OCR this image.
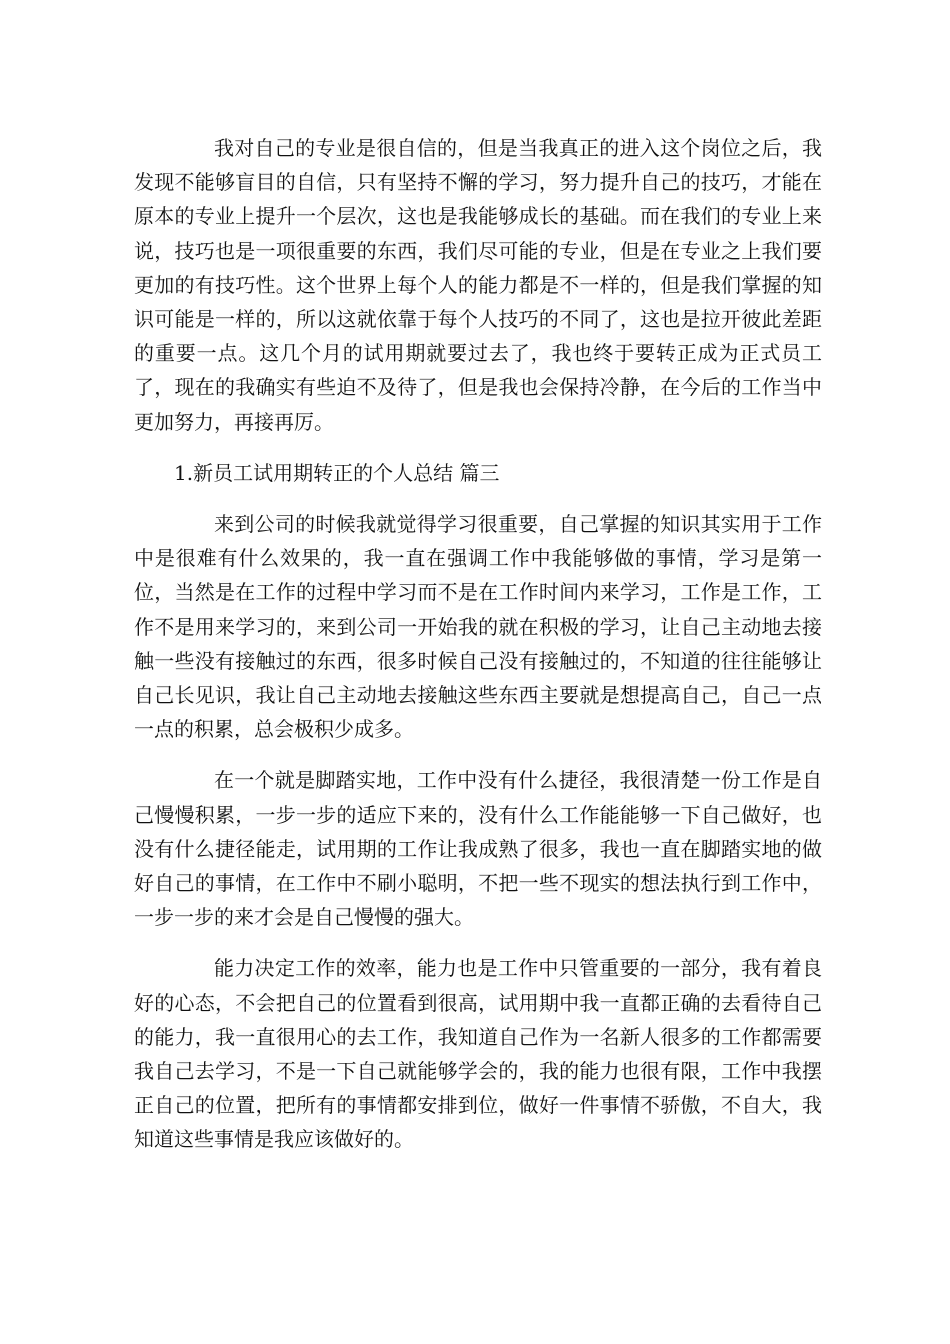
我对自己的专业是很自信的，但是当我真正的进入这个岗位之后，我发现不能够盲目的自信，只有坚持不懈的学习，努力提升自己的技巧，才能在原本的专业上提升一个层次，这也是我能够成长的基础。而在我们的专业上来说，技巧也是一项很重要的东西，我们尽可能的专业，但是在专业之上我们要更加的有技巧性。这个世界上每个人的能力都是不一样的，但是我们掌握的知识可能是一样的，所以这就依靠于每个人技巧的不同了，这也是拉开彼此差距的重要一点。这几个月的试用期就要过去了，我也终于要转正成为正式员工了，现在的我确实有些迫不及待了，但是我也会保持冷静，在今后的工作当中更加努力，再接再厉。

1.新员工试用期转正的个人总结 篇三

来到公司的时候我就觉得学习很重要，自己掌握的知识其实用于工作中是很难有什么效果的，我一直在强调工作中我能够做的事情，学习是第一位，当然是在工作的过程中学习而不是在工作时间内来学习，工作是工作，工作不是用来学习的，来到公司一开始我的就在积极的学习，让自己主动地去接触一些没有接触过的东西，很多时候自己没有接触过的，不知道的往往能够让自己长见识，我让自己主动地去接触这些东西主要就是想提高自己，自己一点一点的积累，总会极积少成多。

在一个就是脚踏实地，工作中没有什么捷径，我很清楚一份工作是自己慢慢积累，一步一步的适应下来的，没有什么工作能能够一下自己做好，也没有什么捷径能走，试用期的工作让我成熟了很多，我也一直在脚踏实地的做好自己的事情，在工作中不刷小聪明，不把一些不现实的想法执行到工作中，一步一步的来才会是自己慢慢的强大。

能力决定工作的效率，能力也是工作中只管重要的一部分，我有着良好的心态，不会把自己的位置看到很高，试用期中我一直都正确的去看待自己的能力，我一直很用心的去工作，我知道自己作为一名新人很多的工作都需要我自己去学习，不是一下自己就能够学会的，我的能力也很有限，工作中我摆正自己的位置，把所有的事情都安排到位，做好一件事情不骄傲，不自大，我知道这些事情是我应该做好的。
